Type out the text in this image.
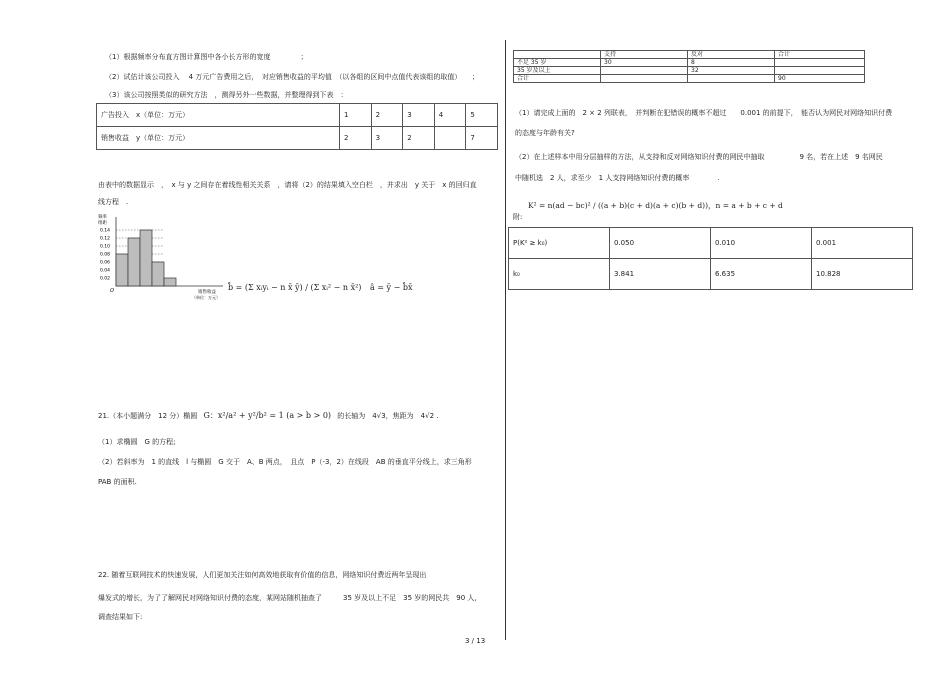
（1）根据频率分布直方图计算图中各小长方形的宽度	；
（2）试估计该公司投入　 4 万元广告费用之后，　对应销售收益的平均值　（以各组的区间中点值代表该组的取值） ；
（3）该公司按照类似的研究方法　，测得另外一些数据，并整理得到下表　：
广告投入　x（单位：万元）	1	2	3	4	5
销售收益　y（单位：万元）	2	3	2		7
由表中的数据显示　，　x 与 y 之间存在着线性相关关系　，请将（2）的结果填入空白栏　，并求出　y 关于　x 的回归直
线方程　.
频率
组距
O	销售收益
（单位：万元）
0.14
0.12
0.10
0.08
0.06
0.04
0.02
b̂ = (Σ xᵢyᵢ − n x̄ ȳ) / (Σ xᵢ² − n x̄²) â = ȳ − b̂x̄
21.（本小题满分　12 分）椭圆 G：x²/a² + y²/b² = 1 (a > b > 0) 的长轴为　4√3，焦距为　4√2 .
（1）求椭圆　G 的方程;
（2）若斜率为　1 的直线　l 与椭圆　G 交于　A、B 两点，　且点　P（-3，2）在线段　AB 的垂直平分线上，求三角形
PAB 的面积.
22. 随着互联网技术的快速发展，人们更加关注如何高效地获取有价值的信息，网络知识付费近两年呈现出
爆发式的增长，为了了解网民对网络知识付费的态度，某网站随机抽查了　　　35 岁及以上不足　35 岁的网民共　90 人，
调查结果如下:
	支持	反对	合计
不足 35 岁	30	8	
35 岁及以上		32	
合计			90
（1）请完成上面的　2 × 2 列联表，　并判断在犯错误的概率不超过　　0.001 的前提下，　能否认为网民对网络知识付费
的态度与年龄有关?
（2）在上述样本中用分层抽样的方法，从支持和反对网络知识付费的网民中抽取　　　　　9 名，若在上述　9 名网民
中随机选　2 人，求至少　1 人支持网络知识付费的概率　　　　.
附:
K² = n(ad − bc)² / ((a + b)(c + d)(a + c)(b + d))，n = a + b + c + d
P(K² ≥ k₀)	0.050	0.010	0.001
k₀	3.841	6.635	10.828
3 / 13
